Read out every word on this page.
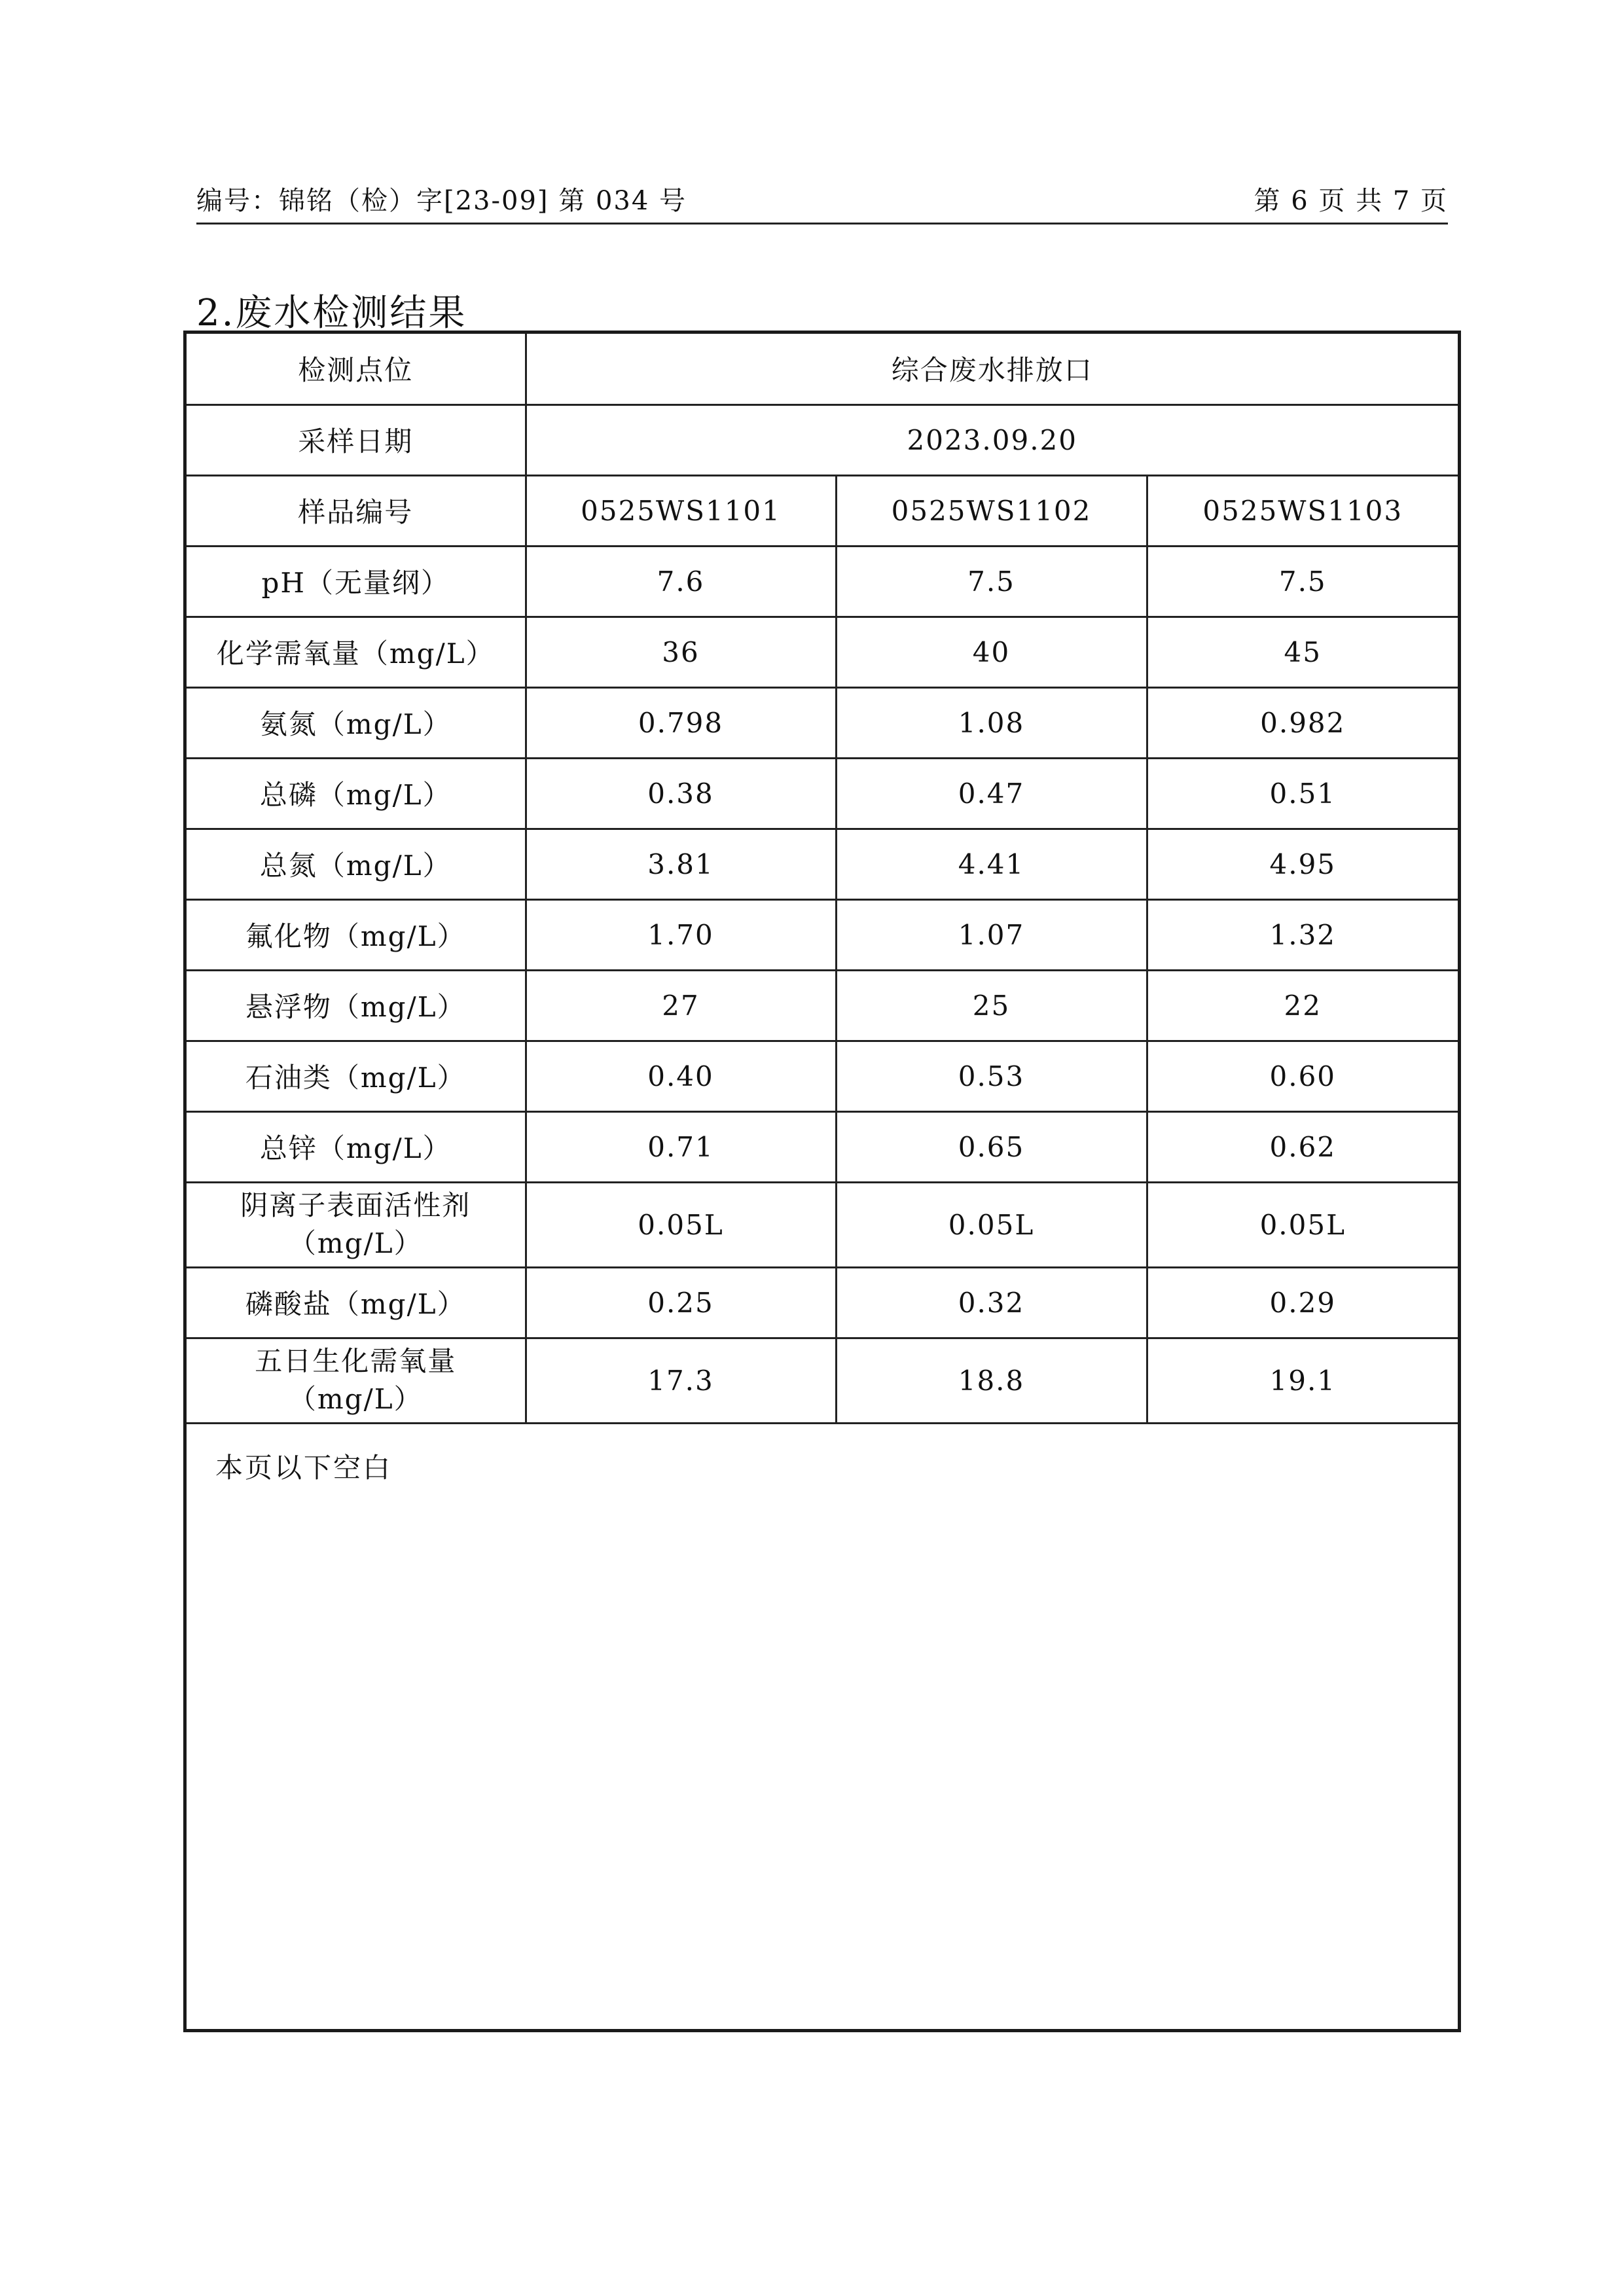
编号：锦铭（检）字[23-09] 第 034 号	第 6 页 共 7 页
2.废水检测结果
检测点位	综合废水排放口		
采样日期	2023.09.20		
样品编号	0525WS1101	0525WS1102	0525WS1103
pH（无量纲）	7.6	7.5	7.5
化学需氧量（mg/L）	36	40	45
氨氮（mg/L）	0.798	1.08	0.982
总磷（mg/L）	0.38	0.47	0.51
总氮（mg/L）	3.81	4.41	4.95
氟化物（mg/L）	1.70	1.07	1.32
悬浮物（mg/L）	27	25	22
石油类（mg/L）	0.40	0.53	0.60
总锌（mg/L）	0.71	0.65	0.62

阴离子表面活性剂
（mg/L）	0.05L	0.05L	0.05L
磷酸盐（mg/L）	0.25	0.32	0.29

五日生化需氧量
（mg/L）	17.3	18.8	19.1
本页以下空白
